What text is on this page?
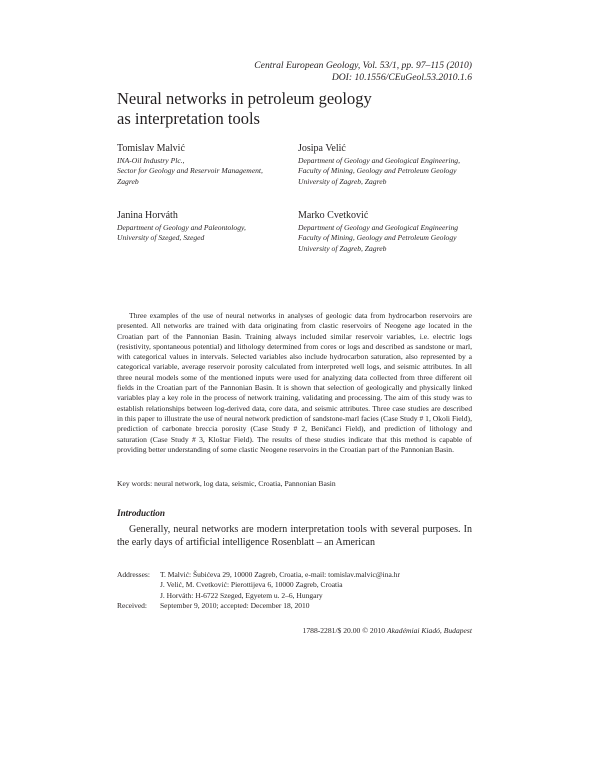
Central European Geology, Vol. 53/1, pp. 97–115 (2010)
DOI: 10.1556/CEuGeol.53.2010.1.6
Neural networks in petroleum geology
as interpretation tools
Tomislav Malvić
INA-Oil Industry Plc.,
Sector for Geology and Reservoir Management,
Zagreb
Josipa Velić
Department of Geology and Geological Engineering,
Faculty of Mining, Geology and Petroleum Geology
University of Zagreb, Zagreb
Janina Horváth
Department of Geology and Paleontology,
University of Szeged, Szeged
Marko Cvetković
Department of Geology and Geological Engineering
Faculty of Mining, Geology and Petroleum Geology
University of Zagreb, Zagreb
Three examples of the use of neural networks in analyses of geologic data from hydrocarbon reservoirs are presented. All networks are trained with data originating from clastic reservoirs of Neogene age located in the Croatian part of the Pannonian Basin. Training always included similar reservoir variables, i.e. electric logs (resistivity, spontaneous potential) and lithology determined from cores or logs and described as sandstone or marl, with categorical values in intervals. Selected variables also include hydrocarbon saturation, also represented by a categorical variable, average reservoir porosity calculated from interpreted well logs, and seismic attributes. In all three neural models some of the mentioned inputs were used for analyzing data collected from three different oil fields in the Croatian part of the Pannonian Basin. It is shown that selection of geologically and physically linked variables play a key role in the process of network training, validating and processing. The aim of this study was to establish relationships between log-derived data, core data, and seismic attributes. Three case studies are described in this paper to illustrate the use of neural network prediction of sandstone-marl facies (Case Study # 1, Okoli Field), prediction of carbonate breccia porosity (Case Study # 2, Beničanci Field), and prediction of lithology and saturation (Case Study # 3, Kloštar Field). The results of these studies indicate that this method is capable of providing better understanding of some clastic Neogene reservoirs in the Croatian part of the Pannonian Basin.
Key words: neural network, log data, seismic, Croatia, Pannonian Basin
Introduction
Generally, neural networks are modern interpretation tools with several purposes. In the early days of artificial intelligence Rosenblatt – an American
Addresses: T. Malvić: Šubićeva 29, 10000 Zagreb, Croatia, e-mail: tomislav.malvic@ina.hr
J. Velić, M. Cvetković: Pierottijeva 6, 10000 Zagreb, Croatia
J. Horváth: H-6722 Szeged, Egyetem u. 2–6, Hungary
Received: September 9, 2010; accepted: December 18, 2010
1788-2281/$ 20.00 © 2010 Akadémiai Kiadó, Budapest
